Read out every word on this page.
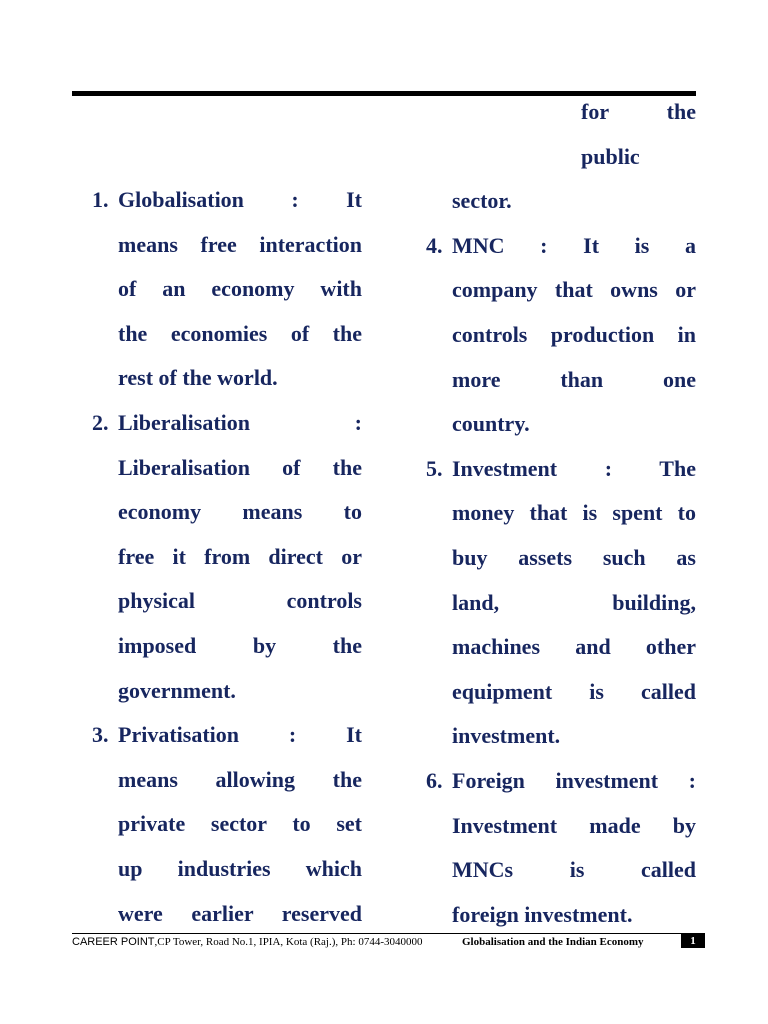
1. Globalisation : It
means free interaction
of an economy with
the economies of the
rest of the world.
2. Liberalisation :
Liberalisation of the
economy means to
free it from direct or
physical controls
imposed by the
government.
3. Privatisation : It
means allowing the
private sector to set
up industries which
were earlier reserved
for the
public
sector.
4. MNC : It is a
company that owns or
controls production in
more than one
country.
5. Investment : The
money that is spent to
buy assets such as
land, building,
machines and other
equipment is called
investment.
6. Foreign investment :
Investment made by
MNCs is called
foreign investment.
CAREER POINT,CP Tower, Road No.1, IPIA, Kota (Raj.), Ph: 0744-3040000	Globalisation and the Indian Economy	1
